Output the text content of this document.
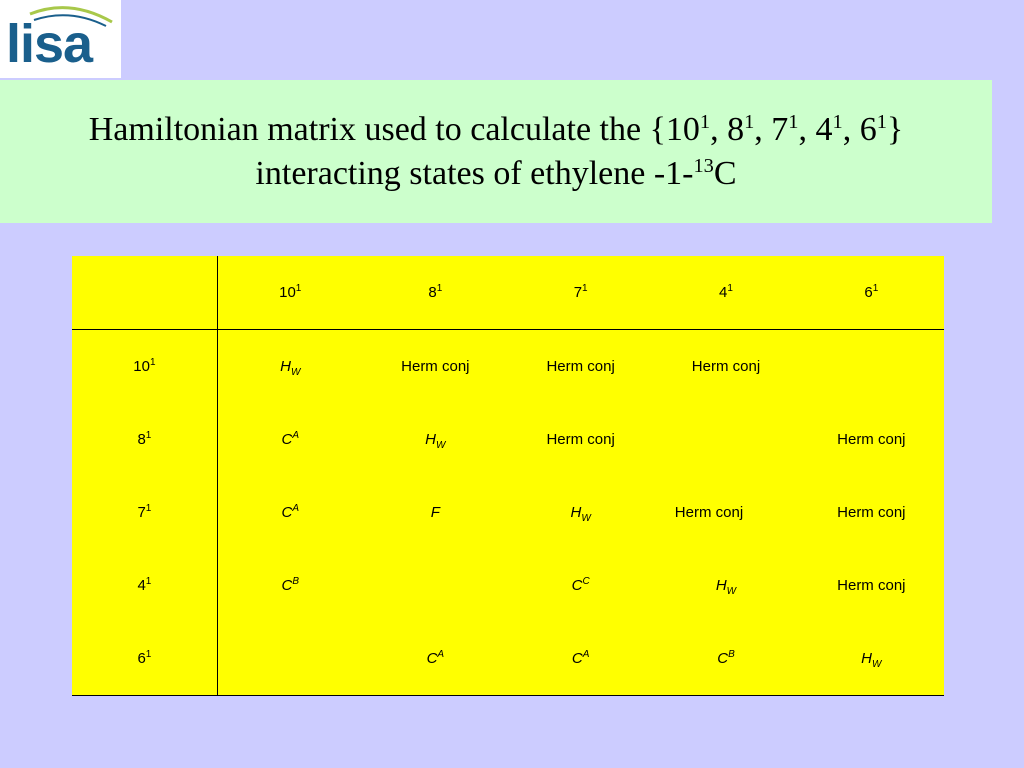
lisa
Hamiltonian matrix used to calculate the {$10^1$, $8^1$, $7^1$, $4^1$, $6^1$}
interacting states of ethylene -1-$^{13}$C
	$10^1$	$8^1$	$7^1$	$4^1$	$6^1$
$10^1$	$H_W$	Herm conj	Herm conj	Herm conj	
$8^1$	$C^A$	$H_W$	Herm conj		Herm conj
$7^1$	$C^A$	F	$H_W$	Herm conj	Herm conj
$4^1$	$C^B$		$C^C$	$H_W$	Herm conj
$6^1$		$C^A$	$C^A$	$C^B$	$H_W$
